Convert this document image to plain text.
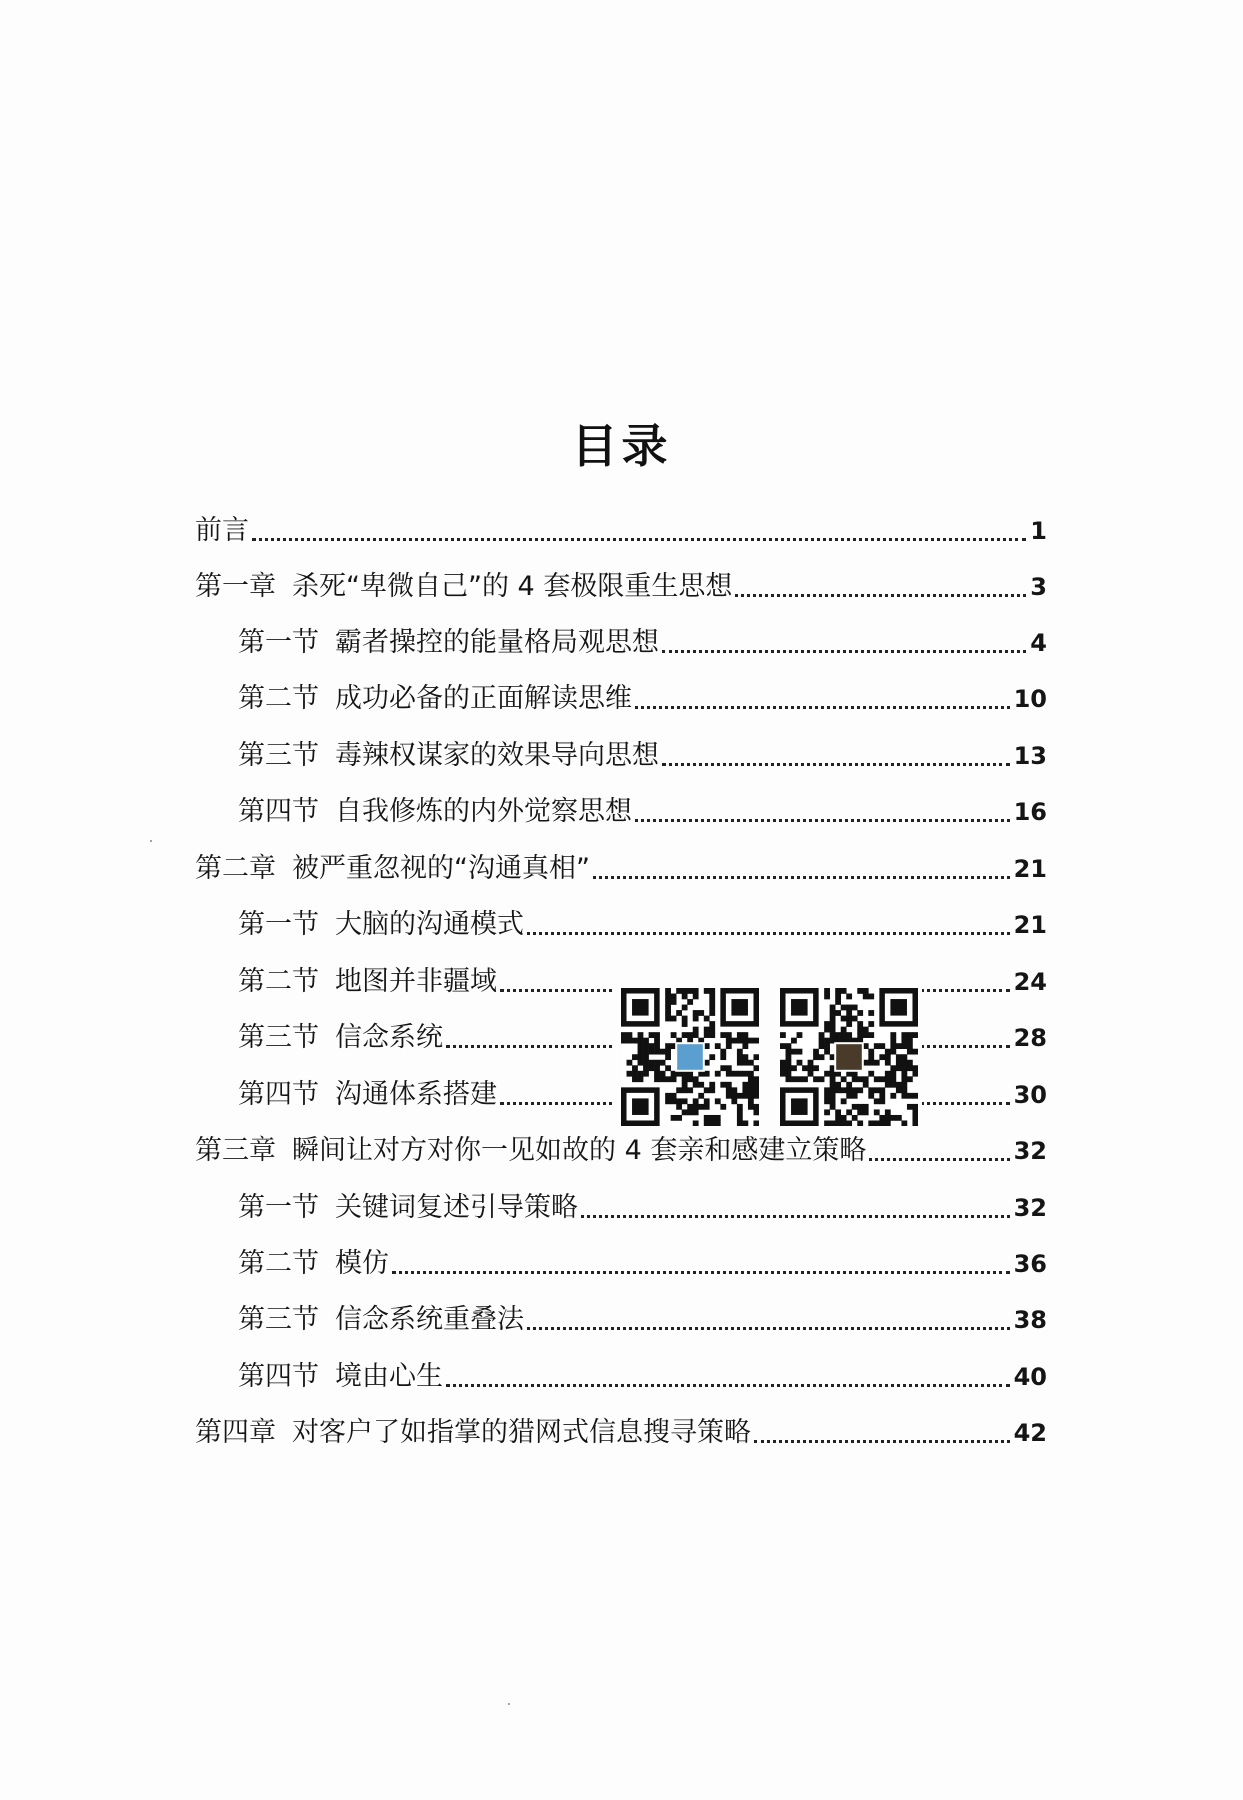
目录
前言	1
第一章 杀死“卑微自己”的 4 套极限重生思想	3
第一节 霸者操控的能量格局观思想	4
第二节 成功必备的正面解读思维	10
第三节 毒辣权谋家的效果导向思想	13
第四节 自我修炼的内外觉察思想	16
第二章 被严重忽视的“沟通真相”	21
第一节 大脑的沟通模式	21
第二节 地图并非疆域	24
第三节 信念系统	28
第四节 沟通体系搭建	30
第三章 瞬间让对方对你一见如故的 4 套亲和感建立策略	32
第一节 关键词复述引导策略	32
第二节 模仿	36
第三节 信念系统重叠法	38
第四节 境由心生	40
第四章 对客户了如指掌的猎网式信息搜寻策略	42
